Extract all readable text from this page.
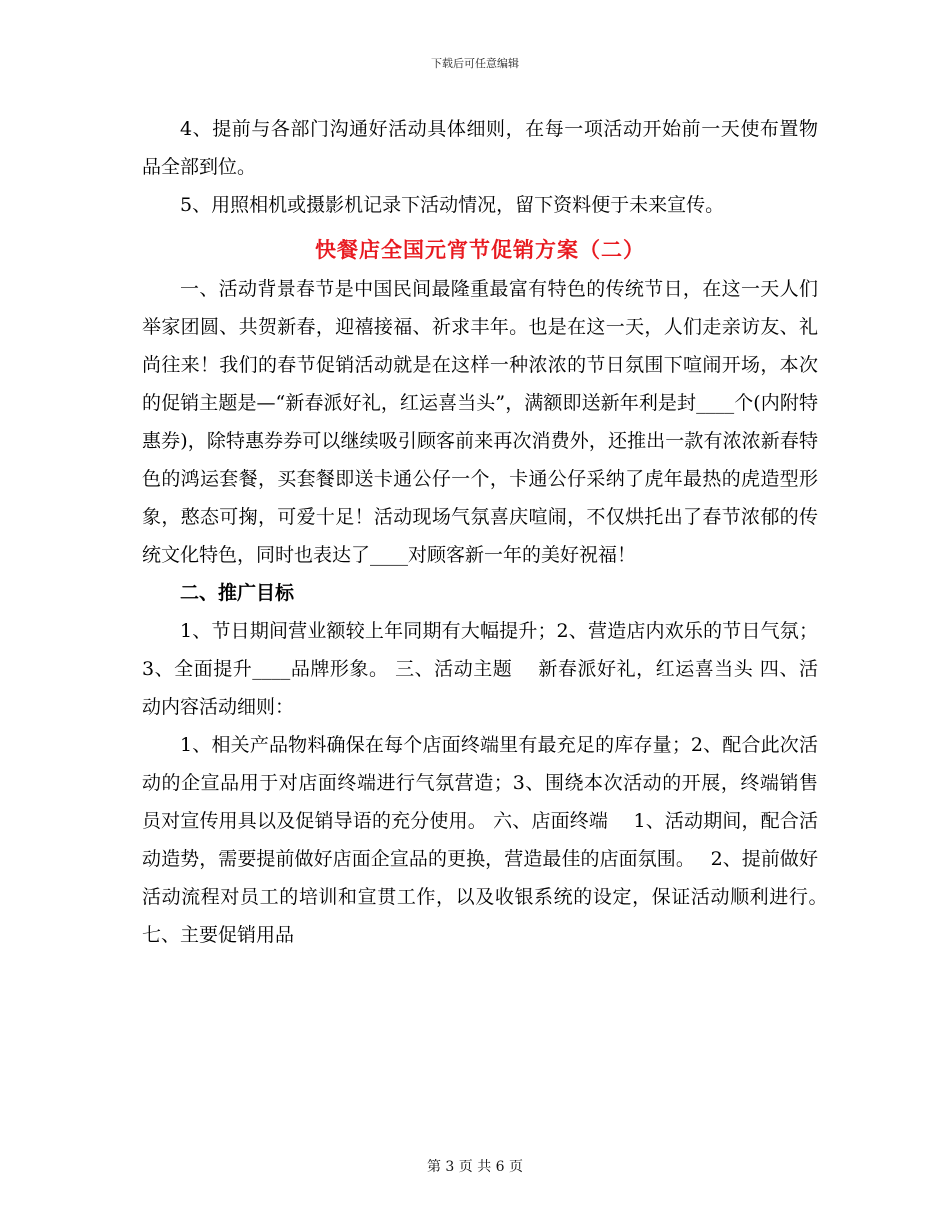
下载后可任意编辑

4、提前与各部门沟通好活动具体细则，在每一项活动开始前一天使布置物品全部到位。

5、用照相机或摄影机记录下活动情况，留下资料便于未来宣传。

快餐店全国元宵节促销方案（二）

一、活动背景春节是中国民间最隆重最富有特色的传统节日，在这一天人们举家团圆、共贺新春，迎禧接福、祈求丰年。也是在这一天，人们走亲访友、礼尚往来！我们的春节促销活动就是在这样一种浓浓的节日氛围下喧闹开场，本次的促销主题是—“新春派好礼，红运喜当头”，满额即送新年利是封____个(内附特惠券)，除特惠券券可以继续吸引顾客前来再次消费外，还推出一款有浓浓新春特色的鸿运套餐，买套餐即送卡通公仔一个，卡通公仔采纳了虎年最热的虎造型形象，憨态可掬，可爱十足！活动现场气氛喜庆喧闹，不仅烘托出了春节浓郁的传统文化特色，同时也表达了____对顾客新一年的美好祝福！

二、推广目标

1、节日期间营业额较上年同期有大幅提升；2、营造店内欢乐的节日气氛；3、全面提升____品牌形象。 三、活动主题　 新春派好礼，红运喜当头 四、活动内容活动细则：

1、相关产品物料确保在每个店面终端里有最充足的库存量；2、配合此次活动的企宣品用于对店面终端进行气氛营造；3、围绕本次活动的开展，终端销售员对宣传用具以及促销导语的充分使用。 六、店面终端　 1、活动期间，配合活动造势，需要提前做好店面企宣品的更换，营造最佳的店面氛围。　 2、提前做好活动流程对员工的培训和宣贯工作，以及收银系统的设定，保证活动顺利进行。　 七、主要促销用品

第 3 页 共 6 页
